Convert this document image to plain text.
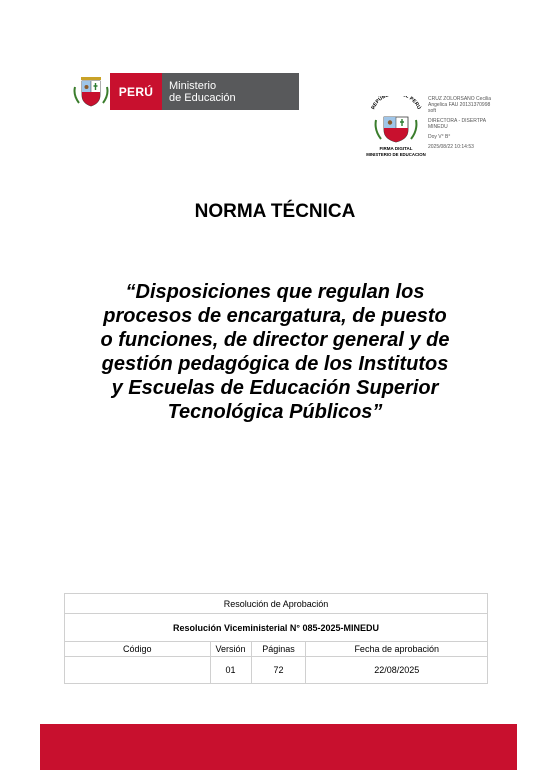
PERÚ	Ministerio
de Educación
REPÚB L PERÚ
FIRMA DIGITAL
MINISTERIO DE EDUCACION
CRUZ ZOLORSANO Cecilia
Angelica FAU 20131370998
soft
DIRECTORA - DISERTPA
MINEDU
Doy V° B°
2025/08/22 10:14:53
NORMA TÉCNICA
“Disposiciones que regulan los procesos de encargatura, de puesto o funciones, de director general y de gestión pedagógica de los Institutos y Escuelas de Educación Superior Tecnológica Públicos”
Resolución de Aprobación			
Resolución Viceministerial N° 085-2025-MINEDU			
Código	Versión	Páginas	Fecha de aprobación
	01	72	22/08/2025
